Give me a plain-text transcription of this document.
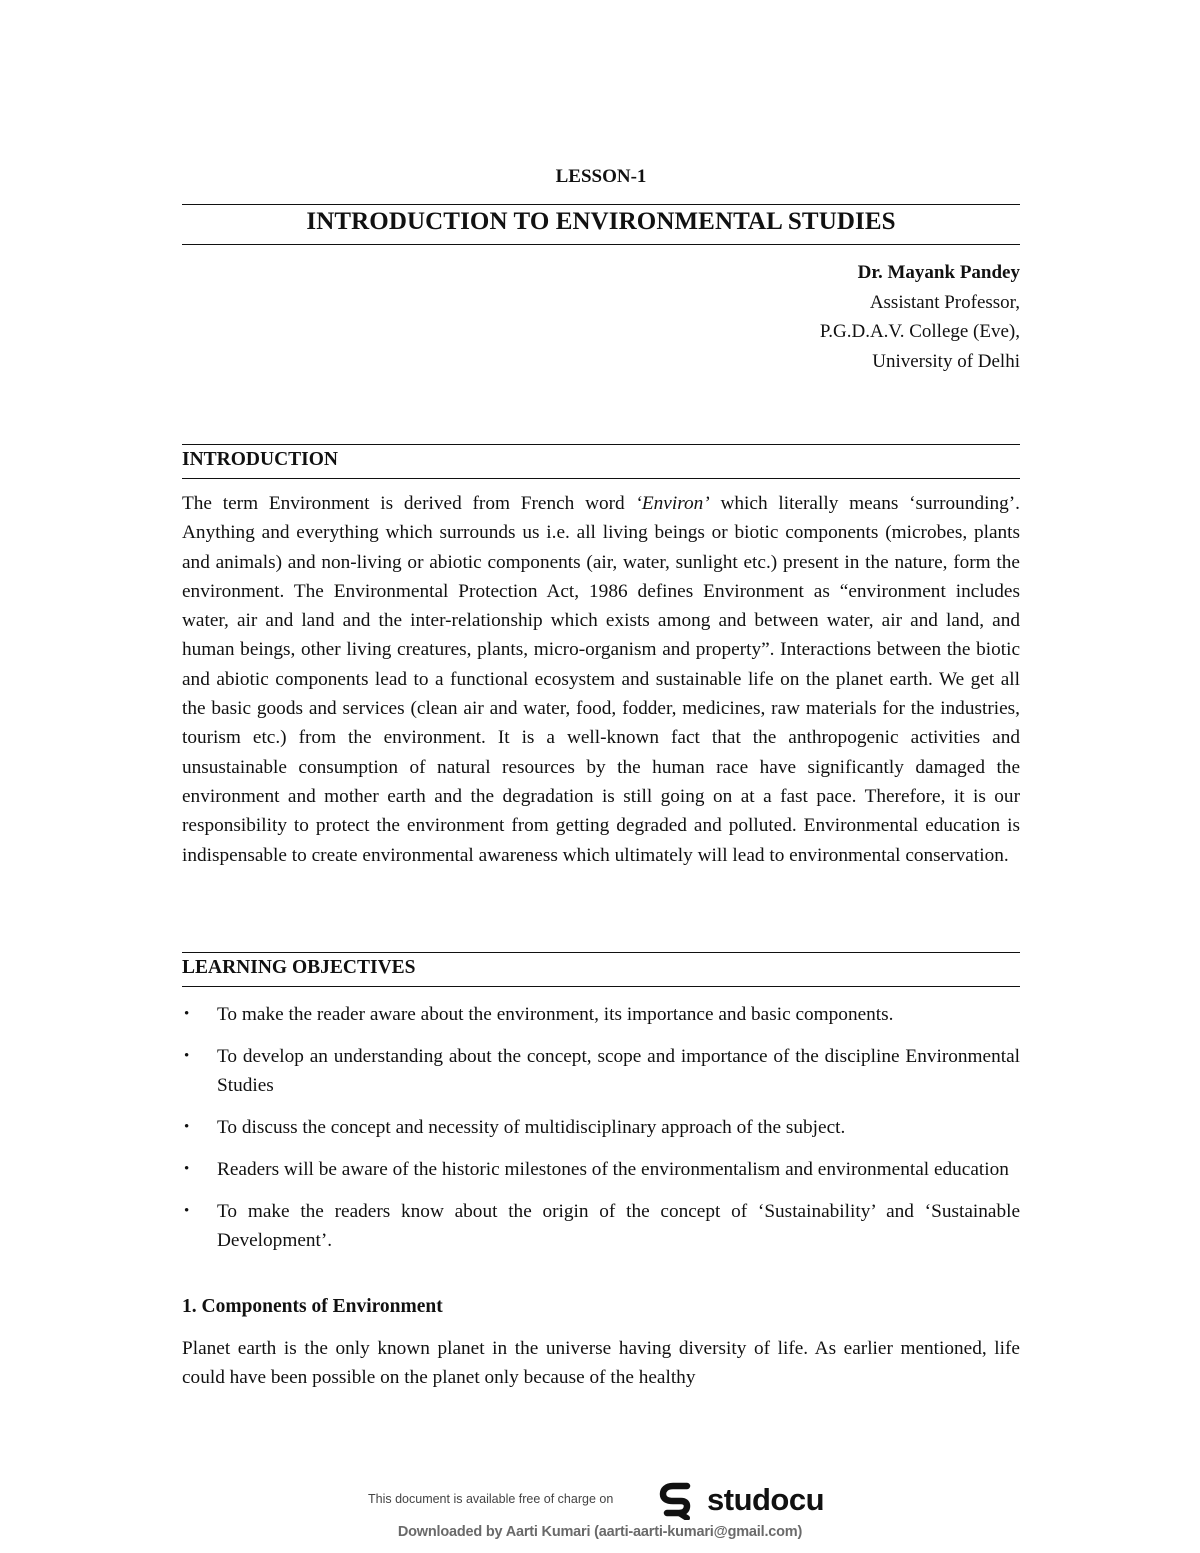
LESSON-1
INTRODUCTION TO ENVIRONMENTAL STUDIES
Dr. Mayank Pandey
Assistant Professor,
P.G.D.A.V. College (Eve),
University of Delhi
INTRODUCTION
The term Environment is derived from French word ‘Environ’ which literally means ‘surrounding’. Anything and everything which surrounds us i.e. all living beings or biotic components (microbes, plants and animals) and non-living or abiotic components (air, water, sunlight etc.) present in the nature, form the environment. The Environmental Protection Act, 1986 defines Environment as “environment includes water, air and land and the inter-relationship which exists among and between water, air and land, and human beings, other living creatures, plants, micro-organism and property”. Interactions between the biotic and abiotic components lead to a functional ecosystem and sustainable life on the planet earth. We get all the basic goods and services (clean air and water, food, fodder, medicines, raw materials for the industries, tourism etc.) from the environment. It is a well-known fact that the anthropogenic activities and unsustainable consumption of natural resources by the human race have significantly damaged the environment and mother earth and the degradation is still going on at a fast pace. Therefore, it is our responsibility to protect the environment from getting degraded and polluted. Environmental education is indispensable to create environmental awareness which ultimately will lead to environmental conservation.
LEARNING OBJECTIVES
• To make the reader aware about the environment, its importance and basic components.
• To develop an understanding about the concept, scope and importance of the discipline Environmental Studies
• To discuss the concept and necessity of multidisciplinary approach of the subject.
• Readers will be aware of the historic milestones of the environmentalism and environmental education
• To make the readers know about the origin of the concept of ‘Sustainability’ and ‘Sustainable Development’.
1. Components of Environment
Planet earth is the only known planet in the universe having diversity of life. As earlier mentioned, life could have been possible on the planet only because of the healthy
This document is available free of charge on	studocu
Downloaded by Aarti Kumari (aarti-aarti-kumari@gmail.com)
